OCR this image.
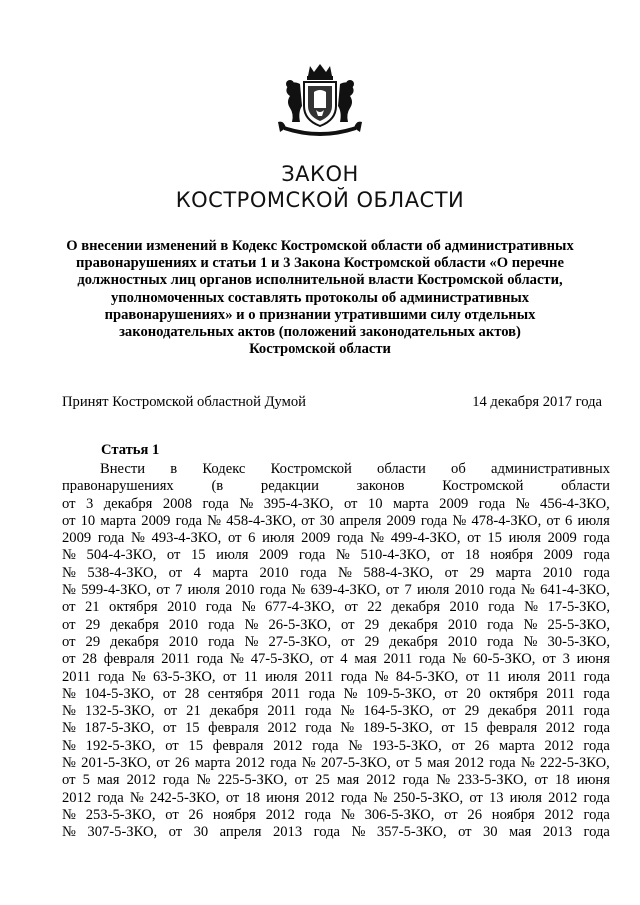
ЗАКОН
КОСТРОМСКОЙ ОБЛАСТИ
О внесении изменений в Кодекс Костромской области об административных
правонарушениях и статьи 1 и 3 Закона Костромской области «О перечне
должностных лиц органов исполнительной власти Костромской области,
уполномоченных составлять протоколы об административных
правонарушениях» и о признании утратившими силу отдельных
законодательных актов (положений законодательных актов)
Костромской области
Принят Костромской областной Думой	14 декабря 2017 года
Статья 1
Внести в Кодекс Костромской области об административных
правонарушениях	(в	редакции	законов	Костромской	области
от 3 декабря 2008 года № 395-4-ЗКО, от 10 марта 2009 года № 456-4-ЗКО,
от 10 марта 2009 года № 458-4-ЗКО, от 30 апреля 2009 года № 478-4-ЗКО, от 6 июля
2009 года № 493-4-ЗКО, от 6 июля 2009 года № 499-4-ЗКО, от 15 июля 2009 года
№ 504-4-ЗКО, от 15 июля 2009 года № 510-4-ЗКО, от 18 ноября 2009 года
№ 538-4-ЗКО, от 4 марта 2010 года № 588-4-ЗКО, от 29 марта 2010 года
№ 599-4-ЗКО, от 7 июля 2010 года № 639-4-ЗКО, от 7 июля 2010 года № 641-4-ЗКО,
от 21 октября 2010 года № 677-4-ЗКО, от 22 декабря 2010 года № 17-5-ЗКО,
от 29 декабря 2010 года № 26-5-ЗКО, от 29 декабря 2010 года № 25-5-ЗКО,
от 29 декабря 2010 года № 27-5-ЗКО, от 29 декабря 2010 года № 30-5-ЗКО,
от 28 февраля 2011 года № 47-5-ЗКО, от 4 мая 2011 года № 60-5-ЗКО, от 3 июня
2011 года № 63-5-ЗКО, от 11 июля 2011 года № 84-5-ЗКО, от 11 июля 2011 года
№ 104-5-ЗКО, от 28 сентября 2011 года № 109-5-ЗКО, от 20 октября 2011 года
№ 132-5-ЗКО, от 21 декабря 2011 года № 164-5-ЗКО, от 29 декабря 2011 года
№ 187-5-ЗКО, от 15 февраля 2012 года № 189-5-ЗКО, от 15 февраля 2012 года
№ 192-5-ЗКО, от 15 февраля 2012 года № 193-5-ЗКО, от 26 марта 2012 года
№ 201-5-ЗКО, от 26 марта 2012 года № 207-5-ЗКО, от 5 мая 2012 года № 222-5-ЗКО,
от 5 мая 2012 года № 225-5-ЗКО, от 25 мая 2012 года № 233-5-ЗКО, от 18 июня
2012 года № 242-5-ЗКО, от 18 июня 2012 года № 250-5-ЗКО, от 13 июля 2012 года
№ 253-5-ЗКО, от 26 ноября 2012 года № 306-5-ЗКО, от 26 ноября 2012 года
№ 307-5-ЗКО, от 30 апреля 2013 года № 357-5-ЗКО, от 30 мая 2013 года
